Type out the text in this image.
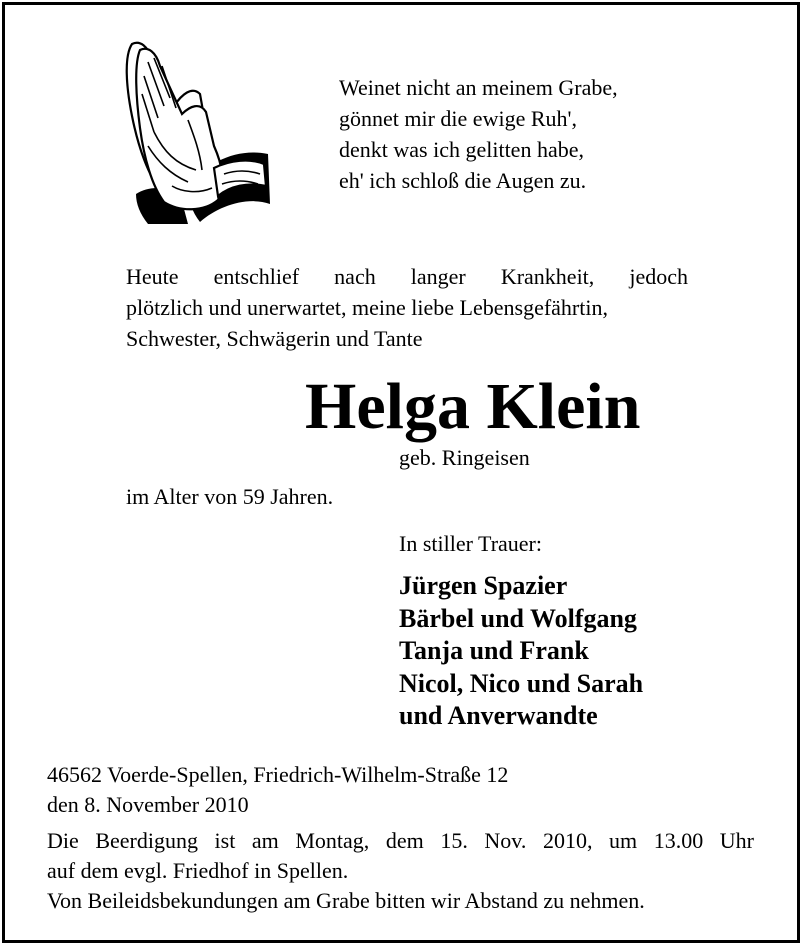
Weinet nicht an meinem Grabe,
gönnet mir die ewige Ruh',
denkt was ich gelitten habe,
eh' ich schloß die Augen zu.
Heute entschlief nach langer Krankheit, jedoch
plötzlich und unerwartet, meine liebe Lebensgefährtin,
Schwester, Schwägerin und Tante
Helga Klein
geb. Ringeisen
im Alter von 59 Jahren.
In stiller Trauer:
Jürgen Spazier
Bärbel und Wolfgang
Tanja und Frank
Nicol, Nico und Sarah
und Anverwandte
46562 Voerde-Spellen, Friedrich-Wilhelm-Straße 12
den 8. November 2010
Die Beerdigung ist am Montag, dem 15. Nov. 2010, um 13.00 Uhr
auf dem evgl. Friedhof in Spellen.
Von Beileidsbekundungen am Grabe bitten wir Abstand zu nehmen.
